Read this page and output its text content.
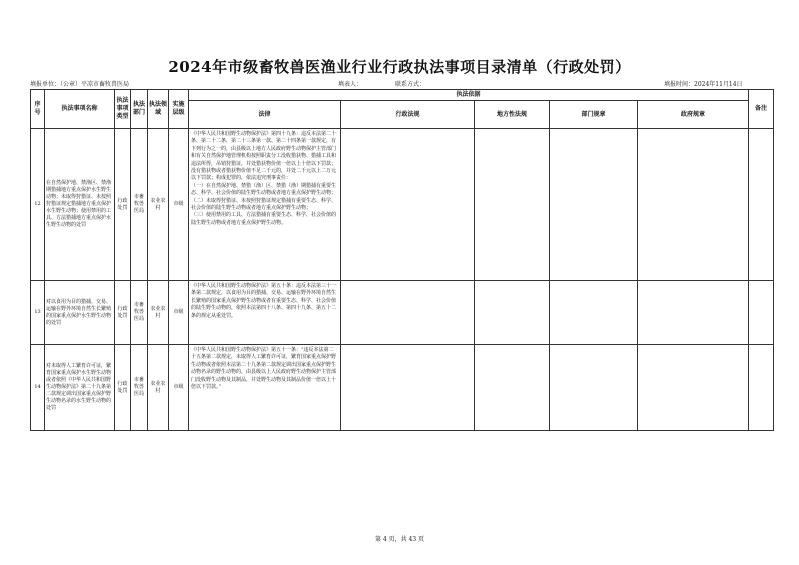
2024年市级畜牧兽医渔业行业行政执法事项目录清单（行政处罚）
填报单位：（公章）平凉市畜牧兽医局	填表人：	联系方式：	填报时间：2024年11月14日
序号	执法事项名称	执法事项类型	执法部门	执法领域	实施层级	执法依据					备注
						法律	行政法规	地方性法规	部门规章	政府规章	
12	在自然保护地、禁渔区、禁渔期猎捕地方重点保护水生野生动物；未取得狩猎证、未按照狩猎证规定猎捕地方重点保护水生野生动物；使用禁用的工具、方法猎捕地方重点保护水生野生动物的处罚	行政处罚	市畜牧兽医局	农业农村	市级	《中华人民共和国野生动物保护法》第四十九条：违反本法第二十条、第二十二条、第二十三条第一款、第二十四条第一款规定，有下列行为之一的，由县级以上地方人民政府野生动物保护主管部门和有关自然保护地管理机构按照职责分工没收猎获物、猎捕工具和违法所得，吊销狩猎证，并处猎获物价值一倍以上十倍以下罚款；没有猎获物或者猎获物价值不足二千元的，并处二千元以上二万元以下罚款；构成犯罪的，依法追究刑事责任：
（一）在自然保护地、禁猎（渔）区、禁猎（渔）期猎捕有重要生态、科学、社会价值的陆生野生动物或者地方重点保护野生动物；
（二）未取得狩猎证、未按照狩猎证规定猎捕有重要生态、科学、社会价值的陆生野生动物或者地方重点保护野生动物；
（三）使用禁用的工具、方法猎捕有重要生态、科学、社会价值的陆生野生动物或者地方重点保护野生动物。					
13	对以食用为目的猎捕、交易、运输在野外环境自然生长繁殖的国家重点保护水生野生动物的处罚	行政处罚	市畜牧兽医局	农业农村	市级	《中华人民共和国野生动物保护法》第五十条：违反本法第三十一条第二款规定，以食用为目的猎捕、交易、运输在野外环境自然生长繁殖的国家重点保护野生动物或者有重要生态、科学、社会价值的陆生野生动物的，依照本法第四十八条、第四十九条、第五十二条的规定从重处罚。					
14	对未取得人工繁育许可证，繁育国家重点保护水生野生动物或者依照《中华人民共和国野生动物保护法》第二十九条第二款规定调出国家重点保护野生动物名录的水生野生动物的处罚	行政处罚	市畜牧兽医局	农业农村	市级	《中华人民共和国野生动物保护法》第五十一条：“违反本法第二十五条第二款规定，未取得人工繁育许可证，繁育国家重点保护野生动物或者依照本法第二十九条第二款规定调出国家重点保护野生动物名录的野生动物的，由县级以上人民政府野生动物保护主管部门没收野生动物及其制品，并处野生动物及其制品价值一倍以上十倍以下罚款。”					
第 4 页，共 43 页
